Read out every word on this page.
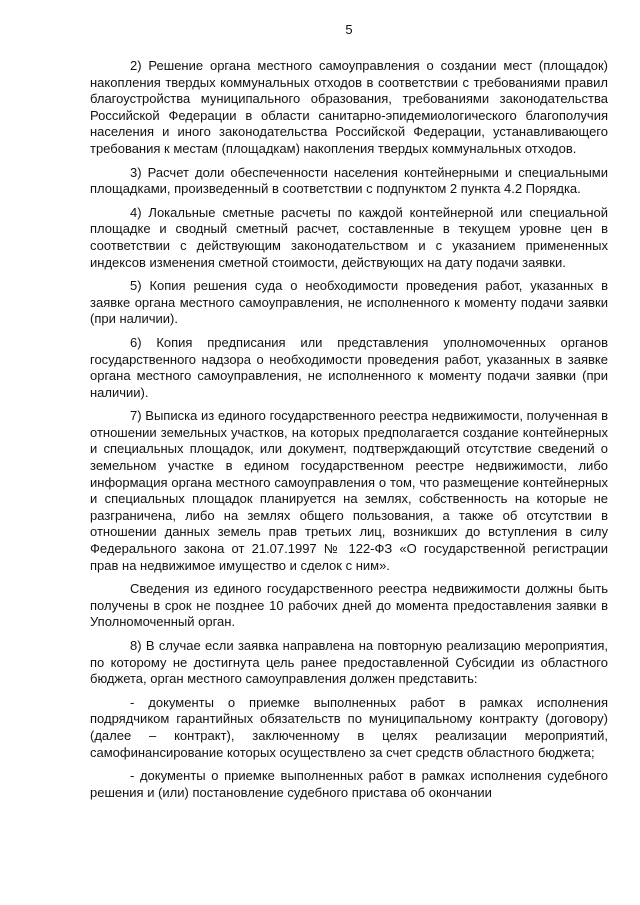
5

2) Решение органа местного самоуправления о создании мест (площадок) накопления твердых коммунальных отходов в соответствии с требованиями правил благоустройства муниципального образования, требованиями законодательства Российской Федерации в области санитарно-эпидемиологического благополучия населения и иного законодательства Российской Федерации, устанавливающего требования к местам (площадкам) накопления твердых коммунальных отходов.

3) Расчет доли обеспеченности населения контейнерными и специальными площадками, произведенный в соответствии с подпунктом 2 пункта 4.2 Порядка.

4) Локальные сметные расчеты по каждой контейнерной или специальной площадке и сводный сметный расчет, составленные в текущем уровне цен в соответствии с действующим законодательством и с указанием примененных индексов изменения сметной стоимости, действующих на дату подачи заявки.

5) Копия решения суда о необходимости проведения работ, указанных в заявке органа местного самоуправления, не исполненного к моменту подачи заявки (при наличии).

6) Копия предписания или представления уполномоченных органов государственного надзора о необходимости проведения работ, указанных в заявке органа местного самоуправления, не исполненного к моменту подачи заявки (при наличии).

7) Выписка из единого государственного реестра недвижимости, полученная в отношении земельных участков, на которых предполагается создание контейнерных и специальных площадок, или документ, подтверждающий отсутствие сведений о земельном участке в едином государственном реестре недвижимости, либо информация органа местного самоуправления о том, что размещение контейнерных и специальных площадок планируется на землях, собственность на которые не разграничена, либо на землях общего пользования, а также об отсутствии в отношении данных земель прав третьих лиц, возникших до вступления в силу Федерального закона от 21.07.1997 № 122-ФЗ «О государственной регистрации прав на недвижимое имущество и сделок с ним».

Сведения из единого государственного реестра недвижимости должны быть получены в срок не позднее 10 рабочих дней до момента предоставления заявки в Уполномоченный орган.

8) В случае если заявка направлена на повторную реализацию мероприятия, по которому не достигнута цель ранее предоставленной Субсидии из областного бюджета, орган местного самоуправления должен представить:

- документы о приемке выполненных работ в рамках исполнения подрядчиком гарантийных обязательств по муниципальному контракту (договору) (далее – контракт), заключенному в целях реализации мероприятий, самофинансирование которых осуществлено за счет средств областного бюджета;

- документы о приемке выполненных работ в рамках исполнения судебного решения и (или) постановление судебного пристава об окончании
